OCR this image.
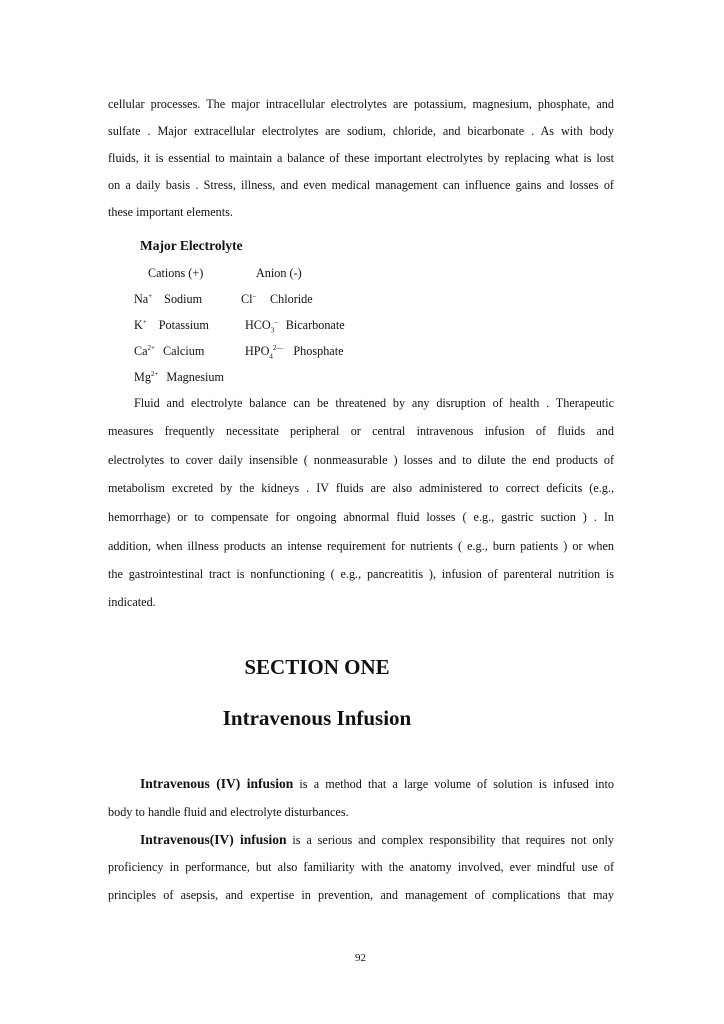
cellular processes. The major intracellular electrolytes are potassium, magnesium, phosphate, and
sulfate . Major extracellular electrolytes are sodium, chloride, and bicarbonate . As with body
fluids, it is essential to maintain a balance of these important electrolytes by replacing what is lost
on a daily basis . Stress, illness, and even medical management can influence gains and losses of
these important elements.
Major Electrolyte
Cations (+)	Anion (-)
Na+ Sodium
K+ Potassium
$Ca^{2+}$ Calcium
$Mg^{2+}$ Magnesium
Cl– Chloride
$HCO_3^-$ Bicarbonate
$HPO_4^{2—}$ Phosphate
Fluid and electrolyte balance can be threatened by any disruption of health . Therapeutic
measures frequently necessitate peripheral or central intravenous infusion of fluids and
electrolytes to cover daily insensible ( nonmeasurable ) losses and to dilute the end products of
metabolism excreted by the kidneys . IV fluids are also administered to correct deficits (e.g.,
hemorrhage) or to compensate for ongoing abnormal fluid losses ( e.g., gastric suction ) . In
addition, when illness products an intense requirement for nutrients ( e.g., burn patients ) or when
the gastrointestinal tract is nonfunctioning ( e.g., pancreatitis ), infusion of parenteral nutrition is
indicated.
SECTION ONE
Intravenous Infusion
Intravenous (IV) infusion is a method that a large volume of solution is infused into
body to handle fluid and electrolyte disturbances.
Intravenous(IV) infusion is a serious and complex responsibility that requires not only
proficiency in performance, but also familiarity with the anatomy involved, ever mindful use of
principles of asepsis, and expertise in prevention, and management of complications that may
92
